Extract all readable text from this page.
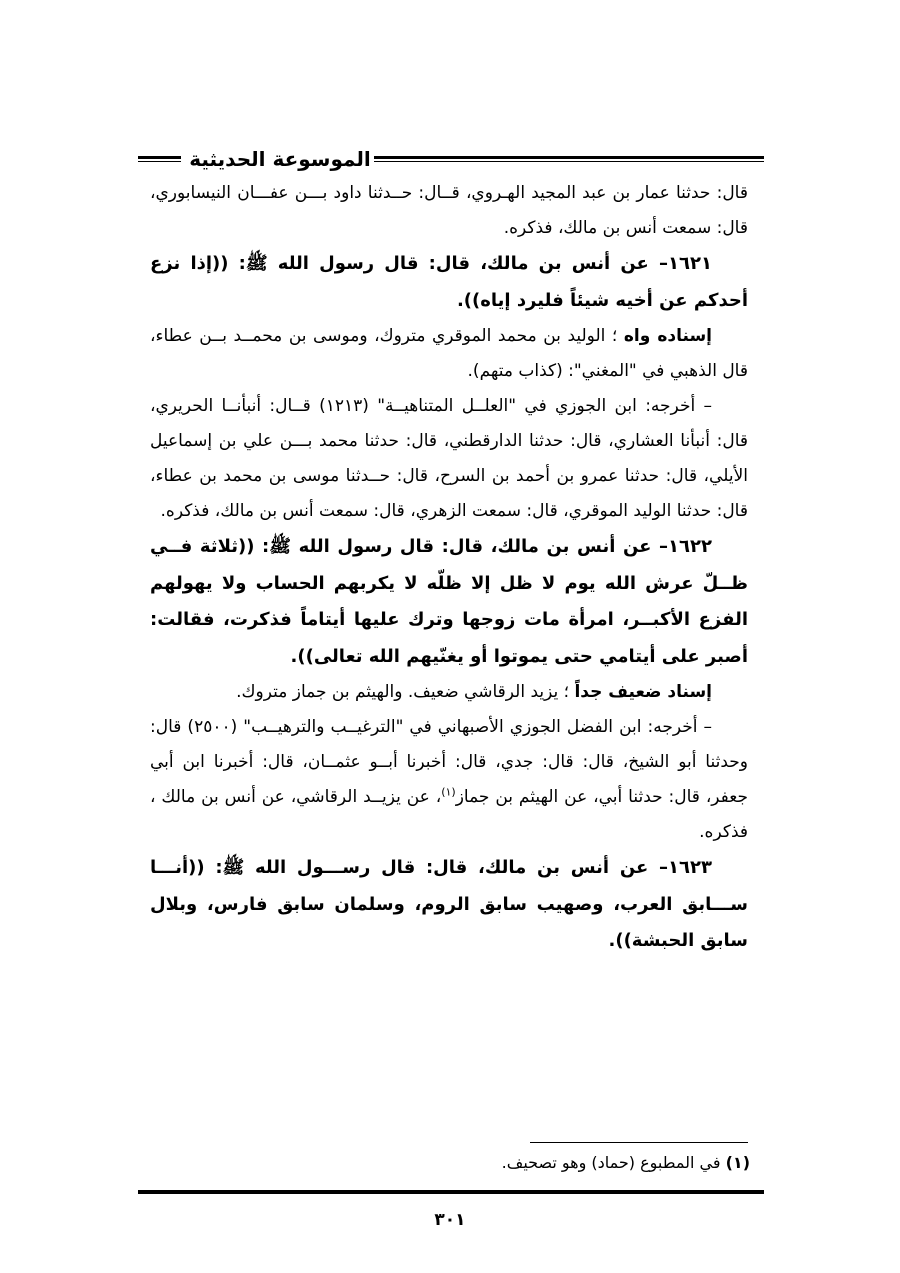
الموسوعة الحديثية

قال: حدثنا عمار بن عبد المجيد الهـروي، قــال: حــدثنا داود بـــن عفـــان النيسابوري، قال: سمعت أنس بن مالك، فذكره.

١٦٢١– عن أنس بن مالك، قال: قال رسول الله ﷺ: ((إذا نزع أحدكم عن أخيه شيئاً فليرد إياه)).

إسناده واه ؛ الوليد بن محمد الموقري متروك، وموسى بن محمــد بــن عطاء، قال الذهبي في "المغني": (كذاب متهم).

– أخرجه: ابن الجوزي في "العلــل المتناهيــة" (١٢١٣) قــال: أنبأنــا الحريري، قال: أنبأنا العشاري، قال: حدثنا الدارقطني، قال: حدثنا محمد بـــن علي بن إسماعيل الأيلي، قال: حدثنا عمرو بن أحمد بن السرح، قال: حــدثنا موسى بن محمد بن عطاء، قال: حدثنا الوليد الموقري، قال: سمعت الزهري، قال: سمعت أنس بن مالك، فذكره.

١٦٢٢– عن أنس بن مالك، قال: قال رسول الله ﷺ: ((ثلاثة فــي ظــلّ عرش الله يوم لا ظل إلا ظلّه لا يكربهم الحساب ولا يهولهم الفزع الأكبــر، امرأة مات زوجها وترك عليها أيتاماً فذكرت، فقالت: أصبر على أيتامي حتى يموتوا أو يغنّيهم الله تعالى)).

إسناد ضعيف جداً ؛ يزيد الرقاشي ضعيف. والهيثم بن جماز متروك.

– أخرجه: ابن الفضل الجوزي الأصبهاني في "الترغيــب والترهيــب" (٢٥٠٠) قال: وحدثنا أبو الشيخ، قال: قال: جدي، قال: أخبرنا أبــو عثمــان، قال: أخبرنا ابن أبي جعفر، قال: حدثنا أبي، عن الهيثم بن جماز$^{(١)}$، عن يزيــد الرقاشي، عن أنس بن مالك ، فذكره.

١٦٢٣– عن أنس بن مالك، قال: قال رســـول الله ﷺ: ((أنـــا ســـابق العرب، وصهيب سابق الروم، وسلمان سابق فارس، وبلال سابق الحبشة)).

(١) في المطبوع (حماد) وهو تصحيف.
٣٠١
